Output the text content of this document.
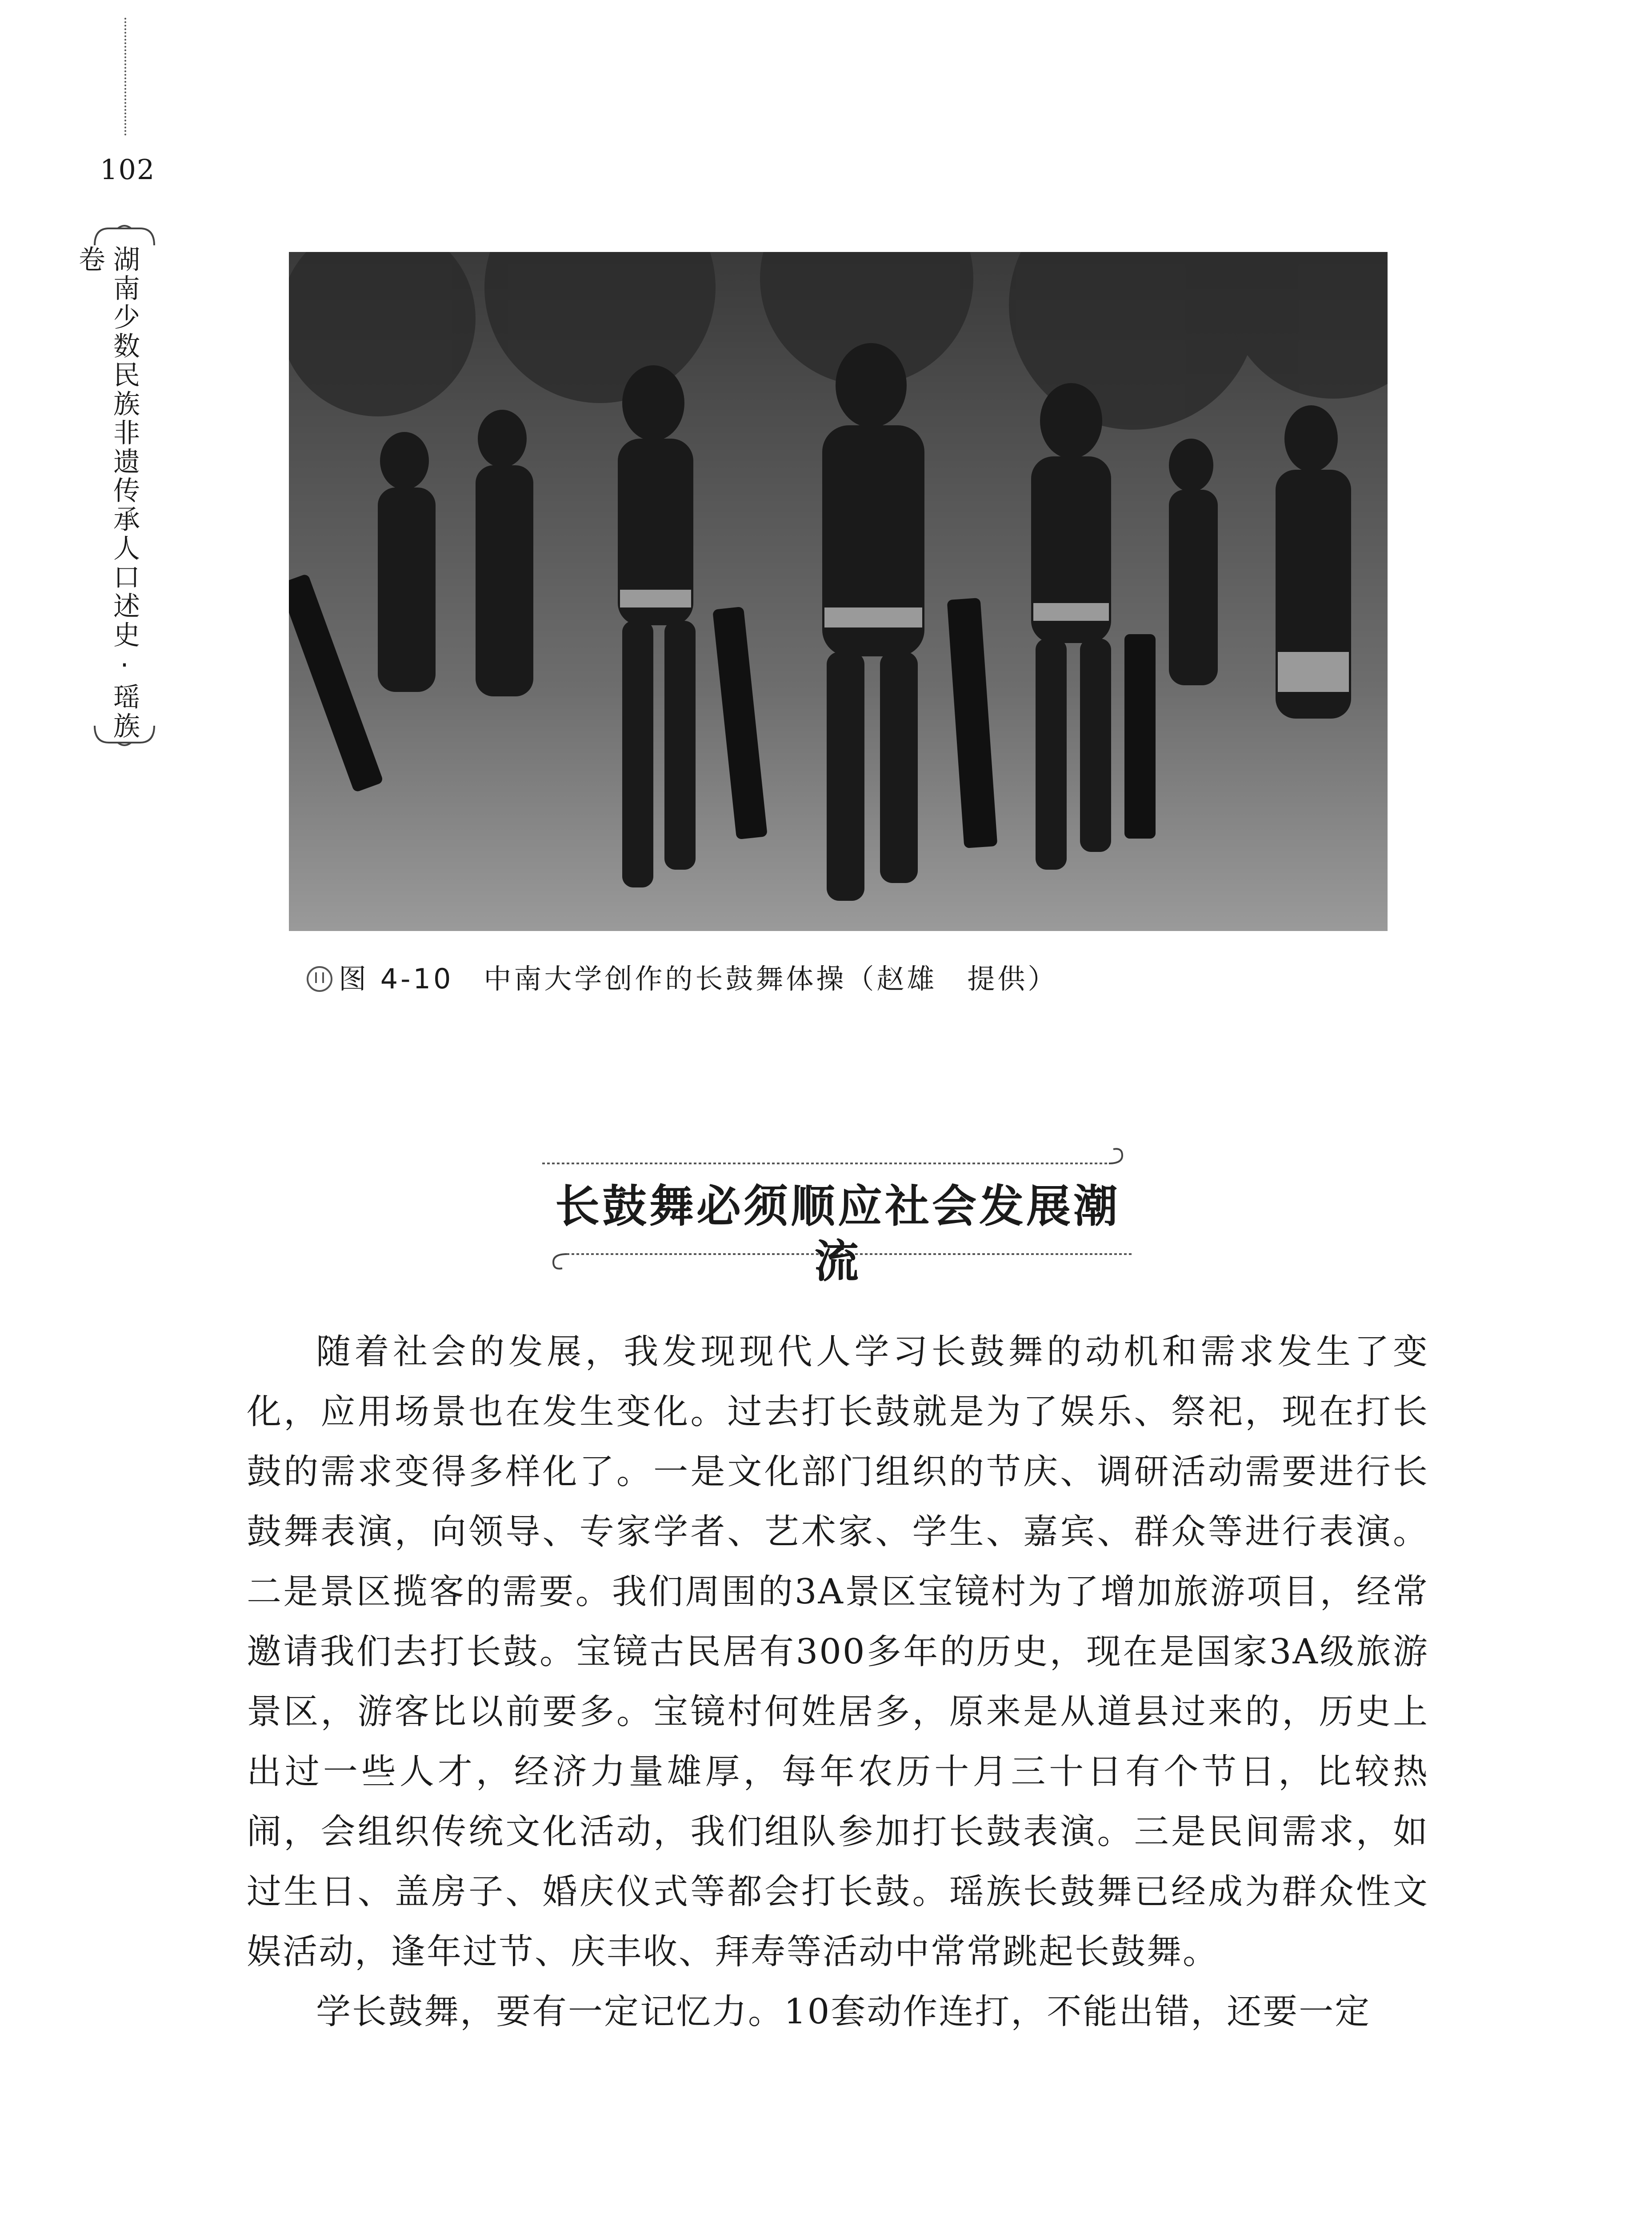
102
湖南少数民族非遗传承人口述史·瑶族卷
图 4-10　中南大学创作的长鼓舞体操（赵雄　提供）
长鼓舞必须顺应社会发展潮流

随着社会的发展，我发现现代人学习长鼓舞的动机和需求发生了变化，应用场景也在发生变化。过去打长鼓就是为了娱乐、祭祀，现在打长鼓的需求变得多样化了。一是文化部门组织的节庆、调研活动需要进行长鼓舞表演，向领导、专家学者、艺术家、学生、嘉宾、群众等进行表演。二是景区揽客的需要。我们周围的3A景区宝镜村为了增加旅游项目，经常邀请我们去打长鼓。宝镜古民居有300多年的历史，现在是国家3A级旅游景区，游客比以前要多。宝镜村何姓居多，原来是从道县过来的，历史上出过一些人才，经济力量雄厚，每年农历十月三十日有个节日，比较热闹，会组织传统文化活动，我们组队参加打长鼓表演。三是民间需求，如过生日、盖房子、婚庆仪式等都会打长鼓。瑶族长鼓舞已经成为群众性文娱活动，逢年过节、庆丰收、拜寿等活动中常常跳起长鼓舞。

学长鼓舞，要有一定记忆力。10套动作连打，不能出错，还要一定
